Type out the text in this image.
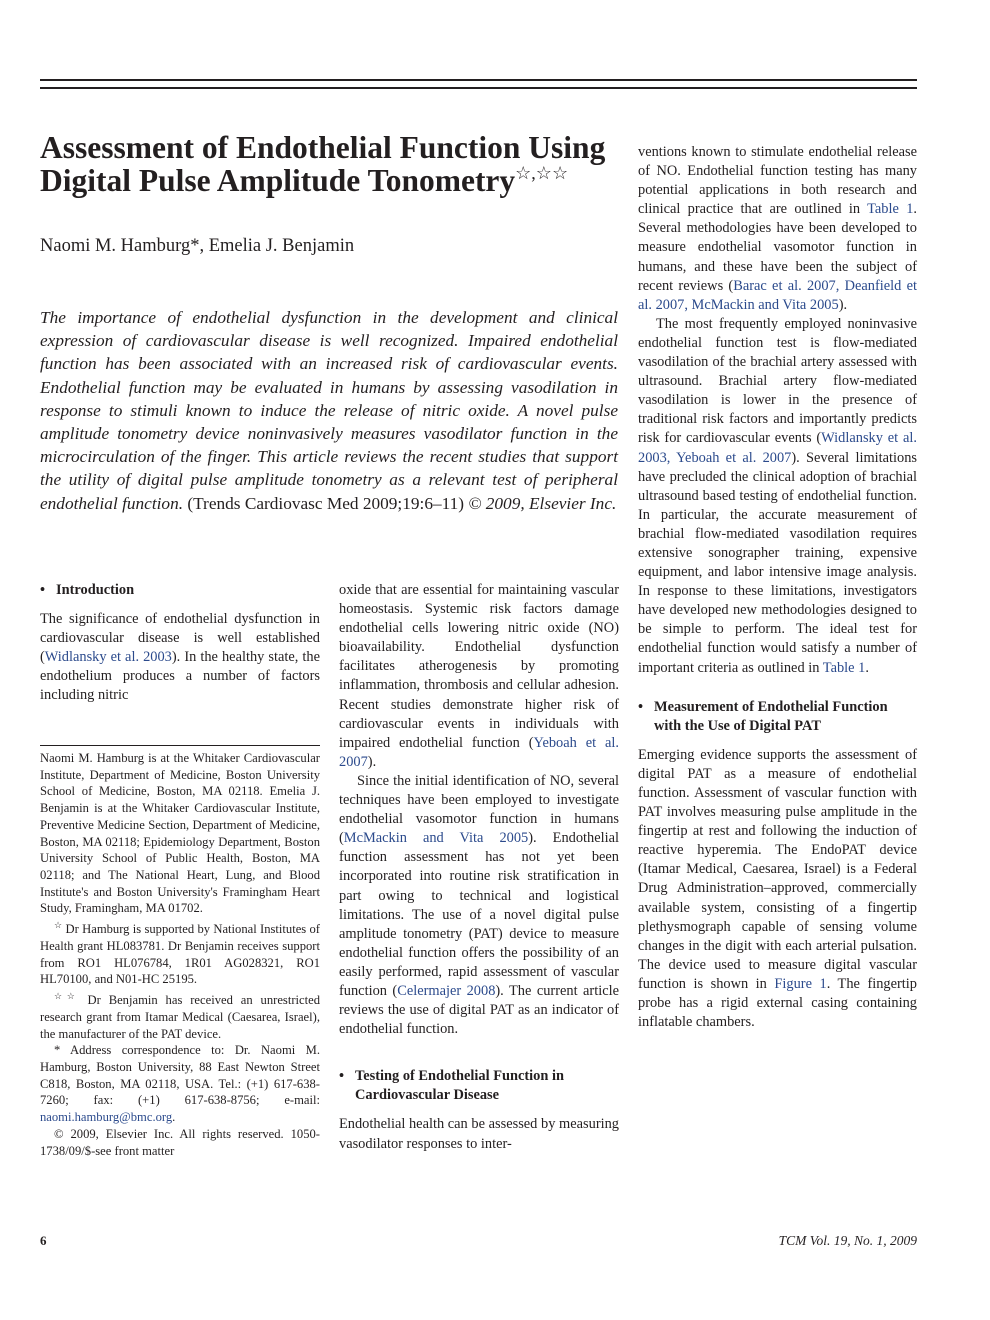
Assessment of Endothelial Function Using Digital Pulse Amplitude Tonometry☆,☆☆

Naomi M. Hamburg*, Emelia J. Benjamin

The importance of endothelial dysfunction in the development and clinical expression of cardiovascular disease is well recognized. Impaired endothelial function has been associated with an increased risk of cardiovascular events. Endothelial function may be evaluated in humans by assessing vasodilation in response to stimuli known to induce the release of nitric oxide. A novel pulse amplitude tonometry device noninvasively measures vasodilator function in the microcirculation of the finger. This article reviews the recent studies that support the utility of digital pulse amplitude tonometry as a relevant test of peripheral endothelial function. (Trends Cardiovasc Med 2009;19:6–11) © 2009, Elsevier Inc.

• Introduction

The significance of endothelial dysfunction in cardiovascular disease is well established (Widlansky et al. 2003). In the healthy state, the endothelium produces a number of factors including nitric

Naomi M. Hamburg is at the Whitaker Cardiovascular Institute, Department of Medicine, Boston University School of Medicine, Boston, MA 02118. Emelia J. Benjamin is at the Whitaker Cardiovascular Institute, Preventive Medicine Section, Department of Medicine, Boston, MA 02118; Epidemiology Department, Boston University School of Public Health, Boston, MA 02118; and The National Heart, Lung, and Blood Institute's and Boston University's Framingham Heart Study, Framingham, MA 01702.

☆ Dr Hamburg is supported by National Institutes of Health grant HL083781. Dr Benjamin receives support from RO1 HL076784, 1R01 AG028321, RO1 HL70100, and N01-HC 25195.

☆☆ Dr Benjamin has received an unrestricted research grant from Itamar Medical (Caesarea, Israel), the manufacturer of the PAT device.

* Address correspondence to: Dr. Naomi M. Hamburg, Boston University, 88 East Newton Street C818, Boston, MA 02118, USA. Tel.: (+1) 617-638-7260; fax: (+1) 617-638-8756; e-mail: naomi.hamburg@bmc.org.

© 2009, Elsevier Inc. All rights reserved. 1050-1738/09/$-see front matter

oxide that are essential for maintaining vascular homeostasis. Systemic risk factors damage endothelial cells lowering nitric oxide (NO) bioavailability. Endothelial dysfunction facilitates atherogenesis by promoting inflammation, thrombosis and cellular adhesion. Recent studies demonstrate higher risk of cardiovascular events in individuals with impaired endothelial function (Yeboah et al. 2007).

Since the initial identification of NO, several techniques have been employed to investigate endothelial vasomotor function in humans (McMackin and Vita 2005). Endothelial function assessment has not yet been incorporated into routine risk stratification in part owing to technical and logistical limitations. The use of a novel digital pulse amplitude tonometry (PAT) device to measure endothelial function offers the possibility of an easily performed, rapid assessment of vascular function (Celermajer 2008). The current article reviews the use of digital PAT as an indicator of endothelial function.

• Testing of Endothelial Function in Cardiovascular Disease

Endothelial health can be assessed by measuring vasodilator responses to inter-

ventions known to stimulate endothelial release of NO. Endothelial function testing has many potential applications in both research and clinical practice that are outlined in Table 1. Several methodologies have been developed to measure endothelial vasomotor function in humans, and these have been the subject of recent reviews (Barac et al. 2007, Deanfield et al. 2007, McMackin and Vita 2005).

The most frequently employed noninvasive endothelial function test is flow-mediated vasodilation of the brachial artery assessed with ultrasound. Brachial artery flow-mediated vasodilation is lower in the presence of traditional risk factors and importantly predicts risk for cardiovascular events (Widlansky et al. 2003, Yeboah et al. 2007). Several limitations have precluded the clinical adoption of brachial ultrasound based testing of endothelial function. In particular, the accurate measurement of brachial flow-mediated vasodilation requires extensive sonographer training, expensive equipment, and labor intensive image analysis. In response to these limitations, investigators have developed new methodologies designed to be simple to perform. The ideal test for endothelial function would satisfy a number of important criteria as outlined in Table 1.

• Measurement of Endothelial Function with the Use of Digital PAT

Emerging evidence supports the assessment of digital PAT as a measure of endothelial function. Assessment of vascular function with PAT involves measuring pulse amplitude in the fingertip at rest and following the induction of reactive hyperemia. The EndoPAT device (Itamar Medical, Caesarea, Israel) is a Federal Drug Administration–approved, commercially available system, consisting of a fingertip plethysmograph capable of sensing volume changes in the digit with each arterial pulsation. The device used to measure digital vascular function is shown in Figure 1. The fingertip probe has a rigid external casing containing inflatable chambers.

6	TCM Vol. 19, No. 1, 2009
